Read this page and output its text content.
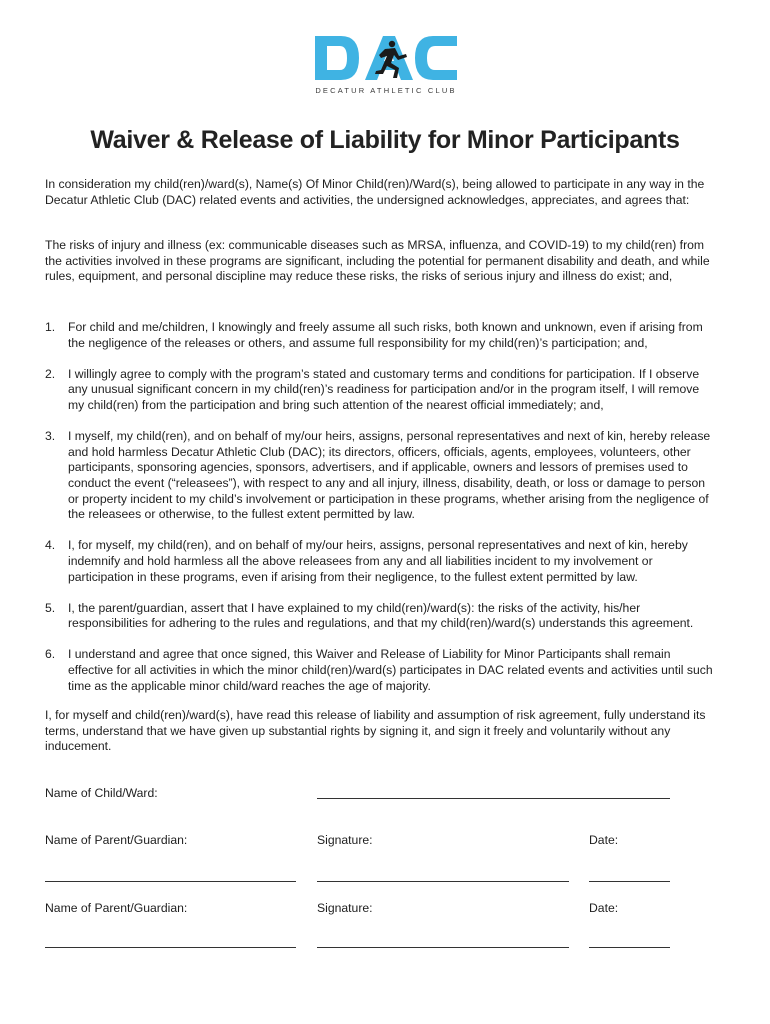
DECATUR ATHLETIC CLUB
Waiver & Release of Liability for Minor Participants
In consideration my child(ren)/ward(s), Name(s) Of Minor Child(ren)/Ward(s), being allowed to participate in any way in the Decatur Athletic Club (DAC) related events and activities, the undersigned acknowledges, appreciates, and agrees that:
The risks of injury and illness (ex: communicable diseases such as MRSA, influenza, and COVID-19) to my child(ren) from the activities involved in these programs are significant, including the potential for permanent disability and death, and while rules, equipment, and personal discipline may reduce these risks, the risks of serious injury and illness do exist; and,
1. For child and me/children, I knowingly and freely assume all such risks, both known and unknown, even if arising from the negligence of the releases or others, and assume full responsibility for my child(ren)’s participation; and,
2. I willingly agree to comply with the program’s stated and customary terms and conditions for participation. If I observe any unusual significant concern in my child(ren)’s readiness for participation and/or in the program itself, I will remove my child(ren) from the participation and bring such attention of the nearest official immediately; and,
3. I myself, my child(ren), and on behalf of my/our heirs, assigns, personal representatives and next of kin, hereby release and hold harmless Decatur Athletic Club (DAC); its directors, officers, officials, agents, employees, volunteers, other participants, sponsoring agencies, sponsors, advertisers, and if applicable, owners and lessors of premises used to conduct the event (“releasees”), with respect to any and all injury, illness, disability, death, or loss or damage to person or property incident to my child’s involvement or participation in these programs, whether arising from the negligence of the releasees or otherwise, to the fullest extent permitted by law.
4. I, for myself, my child(ren), and on behalf of my/our heirs, assigns, personal representatives and next of kin, hereby indemnify and hold harmless all the above releasees from any and all liabilities incident to my involvement or participation in these programs, even if arising from their negligence, to the fullest extent permitted by law.
5. I, the parent/guardian, assert that I have explained to my child(ren)/ward(s): the risks of the activity, his/her responsibilities for adhering to the rules and regulations, and that my child(ren)/ward(s) understands this agreement.
6. I understand and agree that once signed, this Waiver and Release of Liability for Minor Participants shall remain effective for all activities in which the minor child(ren)/ward(s) participates in DAC related events and activities until such time as the applicable minor child/ward reaches the age of majority.
I, for myself and child(ren)/ward(s), have read this release of liability and assumption of risk agreement, fully understand its terms, understand that we have given up substantial rights by signing it, and sign it freely and voluntarily without any inducement.
Name of Child/Ward:
Name of Parent/Guardian:	Signature:	Date:
Name of Parent/Guardian:	Signature:	Date:
